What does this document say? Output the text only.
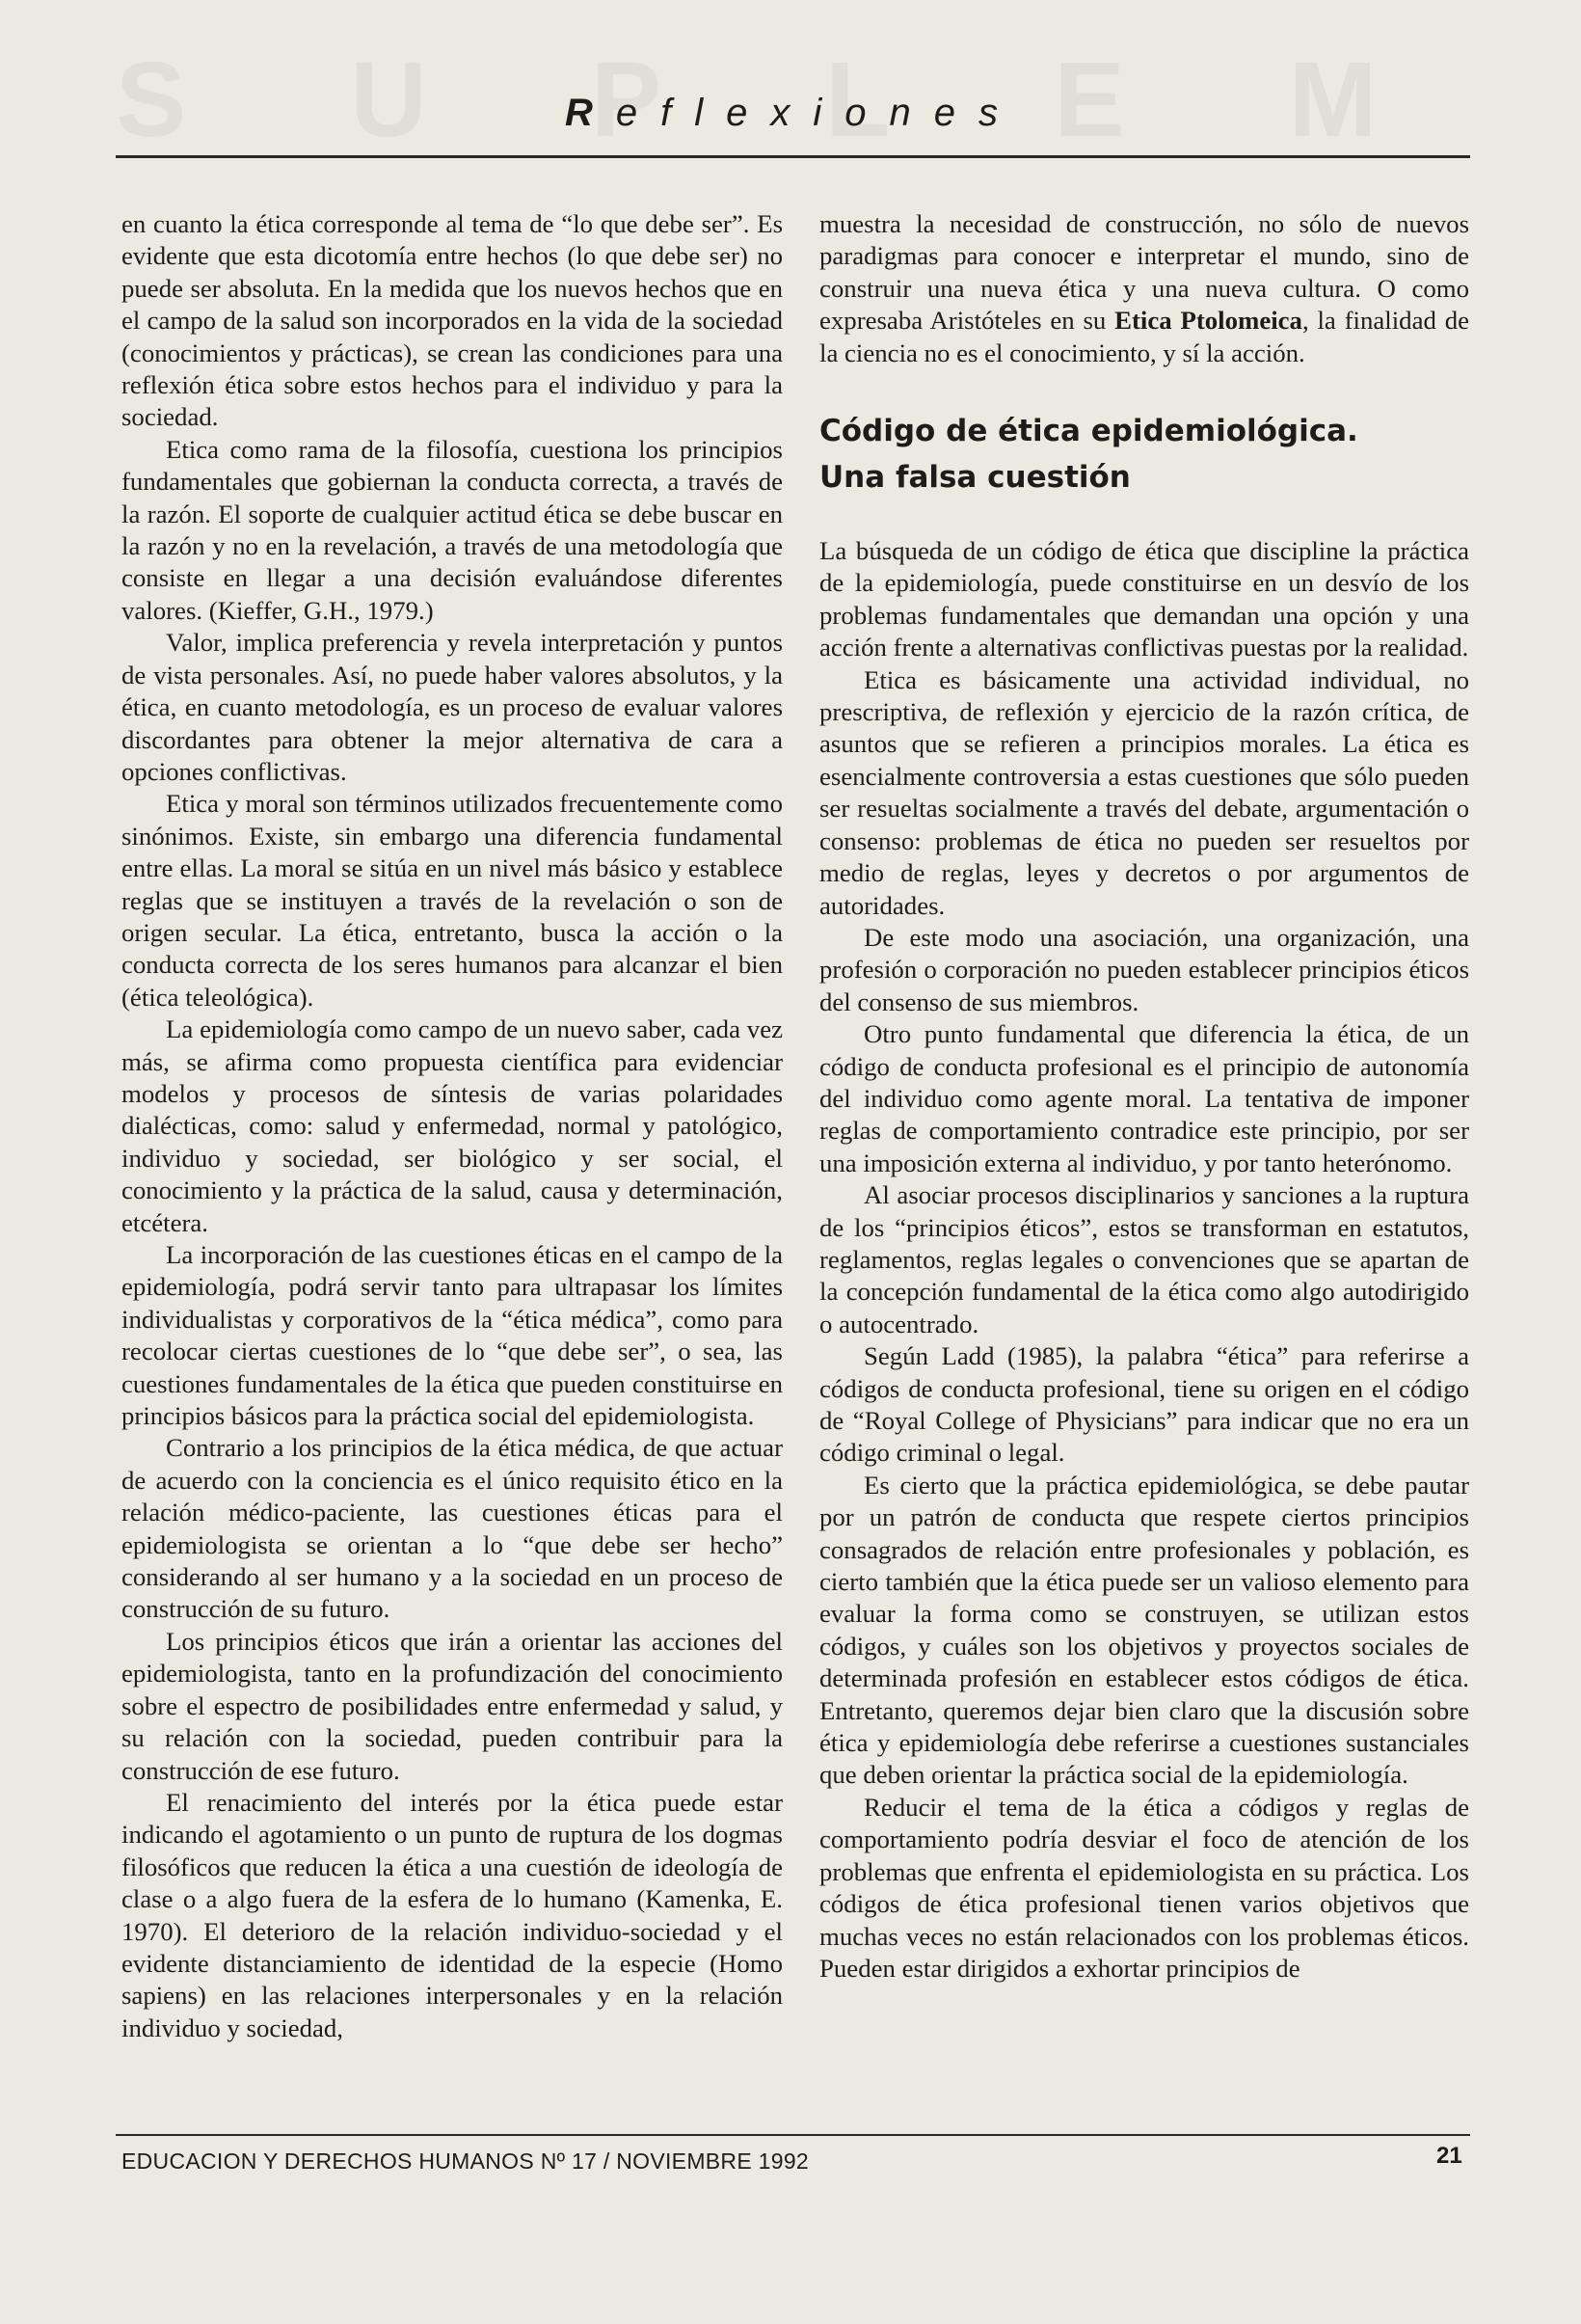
Reflexiones

en cuanto la ética corresponde al tema de “lo que debe ser”. Es evidente que esta dicotomía entre hechos (lo que debe ser) no puede ser absoluta. En la medida que los nuevos hechos que en el campo de la salud son incorporados en la vida de la sociedad (conocimientos y prácticas), se crean las condiciones para una reflexión ética sobre estos hechos para el individuo y para la sociedad.

Etica como rama de la filosofía, cuestiona los principios fundamentales que gobiernan la conducta correcta, a través de la razón. El soporte de cualquier actitud ética se debe buscar en la razón y no en la revelación, a través de una metodología que consiste en llegar a una decisión evaluándose diferentes valores. (Kieffer, G.H., 1979.)

Valor, implica preferencia y revela interpretación y puntos de vista personales. Así, no puede haber valores absolutos, y la ética, en cuanto metodología, es un proceso de evaluar valores discordantes para obtener la mejor alternativa de cara a opciones conflictivas.

Etica y moral son términos utilizados frecuentemente como sinónimos. Existe, sin embargo una diferencia fundamental entre ellas. La moral se sitúa en un nivel más básico y establece reglas que se instituyen a través de la revelación o son de origen secular. La ética, entretanto, busca la acción o la conducta correcta de los seres humanos para alcanzar el bien (ética teleológica).

La epidemiología como campo de un nuevo saber, cada vez más, se afirma como propuesta científica para evidenciar modelos y procesos de síntesis de varias polaridades dialécticas, como: salud y enfermedad, normal y patológico, individuo y sociedad, ser biológico y ser social, el conocimiento y la práctica de la salud, causa y determinación, etcétera.

La incorporación de las cuestiones éticas en el campo de la epidemiología, podrá servir tanto para ultrapasar los límites individualistas y corporativos de la “ética médica”, como para recolocar ciertas cuestiones de lo “que debe ser”, o sea, las cuestiones fundamentales de la ética que pueden constituirse en principios básicos para la práctica social del epidemiologista.

Contrario a los principios de la ética médica, de que actuar de acuerdo con la conciencia es el único requisito ético en la relación médico-paciente, las cuestiones éticas para el epidemiologista se orientan a lo “que debe ser hecho” considerando al ser humano y a la sociedad en un proceso de construcción de su futuro.

Los principios éticos que irán a orientar las acciones del epidemiologista, tanto en la profundización del conocimiento sobre el espectro de posibilidades entre enfermedad y salud, y su relación con la sociedad, pueden contribuir para la construcción de ese futuro.

El renacimiento del interés por la ética puede estar indicando el agotamiento o un punto de ruptura de los dogmas filosóficos que reducen la ética a una cuestión de ideología de clase o a algo fuera de la esfera de lo humano (Kamenka, E. 1970). El deterioro de la relación individuo-sociedad y el evidente distanciamiento de identidad de la especie (Homo sapiens) en las relaciones interpersonales y en la relación individuo y sociedad,

muestra la necesidad de construcción, no sólo de nuevos paradigmas para conocer e interpretar el mundo, sino de construir una nueva ética y una nueva cultura. O como expresaba Aristóteles en su Etica Ptolomeica, la finalidad de la ciencia no es el conocimiento, y sí la acción.

Código de ética epidemiológica.
Una falsa cuestión

La búsqueda de un código de ética que discipline la práctica de la epidemiología, puede constituirse en un desvío de los problemas fundamentales que demandan una opción y una acción frente a alternativas conflictivas puestas por la realidad.

Etica es básicamente una actividad individual, no prescriptiva, de reflexión y ejercicio de la razón crítica, de asuntos que se refieren a principios morales. La ética es esencialmente controversia a estas cuestiones que sólo pueden ser resueltas socialmente a través del debate, argumentación o consenso: problemas de ética no pueden ser resueltos por medio de reglas, leyes y decretos o por argumentos de autoridades.

De este modo una asociación, una organización, una profesión o corporación no pueden establecer principios éticos del consenso de sus miembros.

Otro punto fundamental que diferencia la ética, de un código de conducta profesional es el principio de autonomía del individuo como agente moral. La tentativa de imponer reglas de comportamiento contradice este principio, por ser una imposición externa al individuo, y por tanto heterónomo.

Al asociar procesos disciplinarios y sanciones a la ruptura de los “principios éticos”, estos se transforman en estatutos, reglamentos, reglas legales o convenciones que se apartan de la concepción fundamental de la ética como algo autodirigido o autocentrado.

Según Ladd (1985), la palabra “ética” para referirse a códigos de conducta profesional, tiene su origen en el código de “Royal College of Physicians” para indicar que no era un código criminal o legal.

Es cierto que la práctica epidemiológica, se debe pautar por un patrón de conducta que respete ciertos principios consagrados de relación entre profesionales y población, es cierto también que la ética puede ser un valioso elemento para evaluar la forma como se construyen, se utilizan estos códigos, y cuáles son los objetivos y proyectos sociales de determinada profesión en establecer estos códigos de ética. Entretanto, queremos dejar bien claro que la discusión sobre ética y epidemiología debe referirse a cuestiones sustanciales que deben orientar la práctica social de la epidemiología.

Reducir el tema de la ética a códigos y reglas de comportamiento podría desviar el foco de atención de los problemas que enfrenta el epidemiologista en su práctica. Los códigos de ética profesional tienen varios objetivos que muchas veces no están relacionados con los problemas éticos. Pueden estar dirigidos a exhortar principios de

EDUCACION Y DERECHOS HUMANOS Nº 17 / NOVIEMBRE 1992	21
